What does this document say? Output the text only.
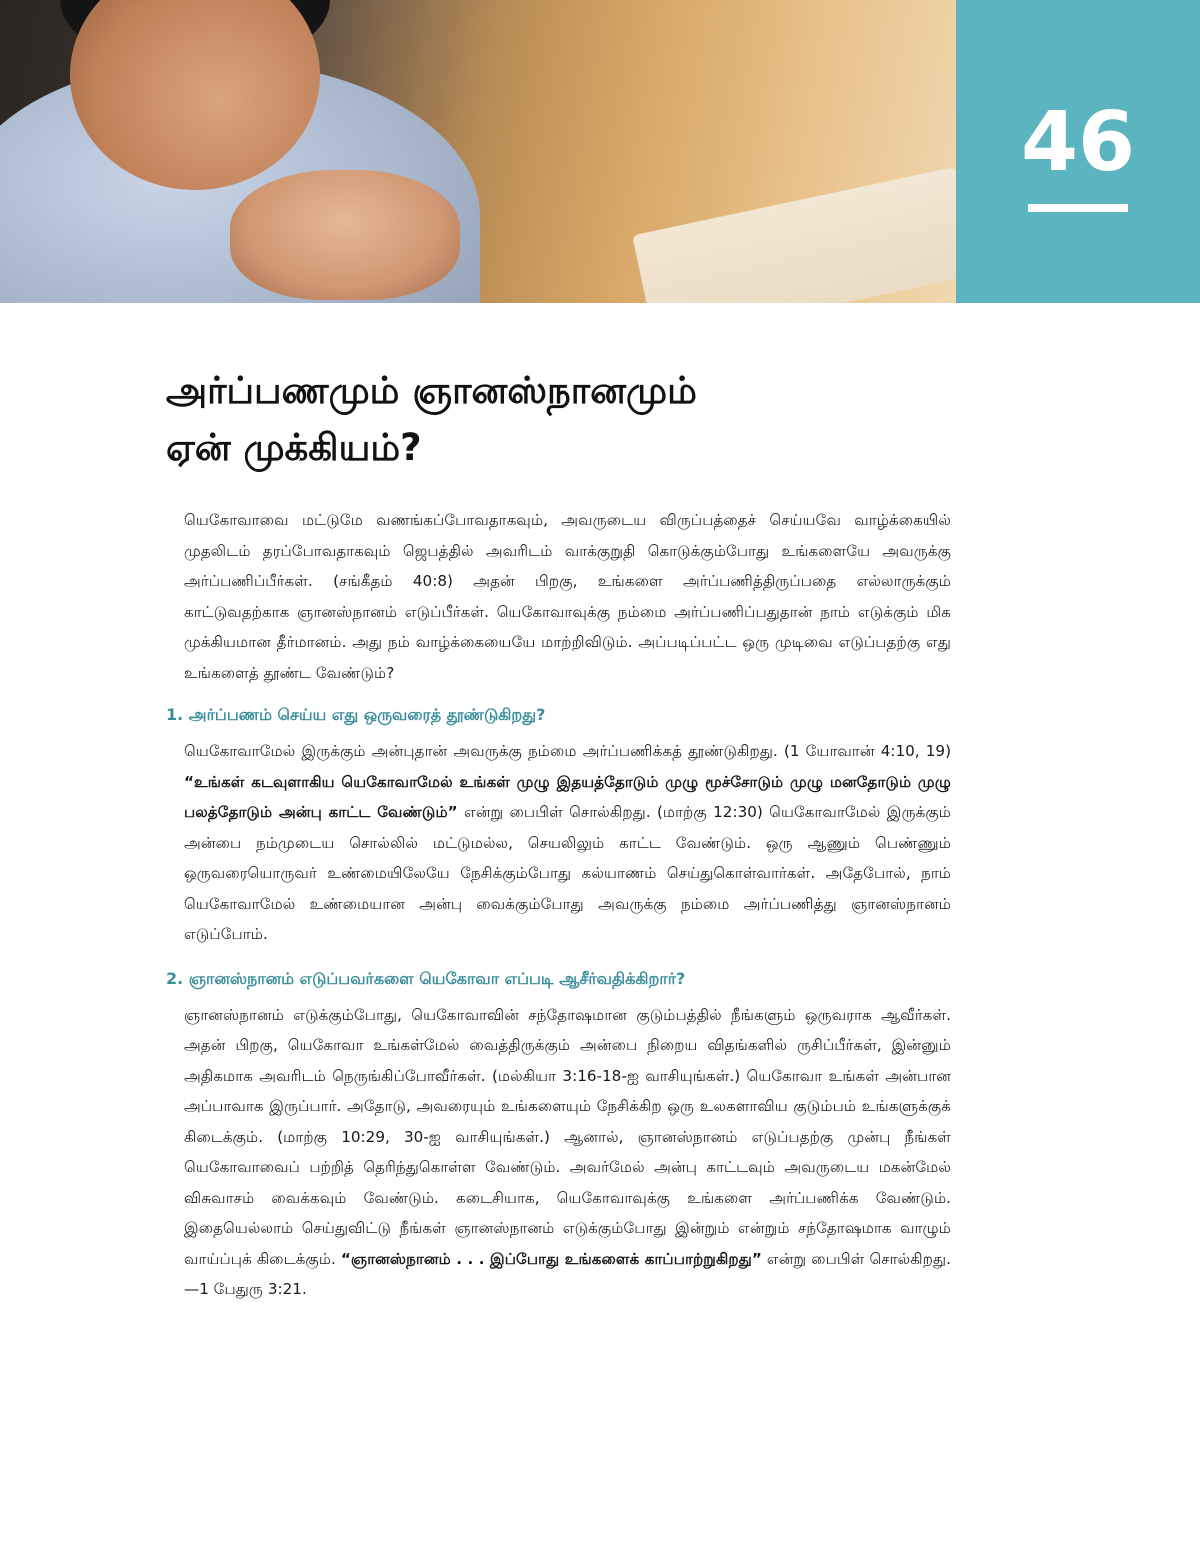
46
அர்ப்பணமும் ஞானஸ்நானமும்
ஏன் முக்கியம்?

யெகோவாவை மட்டுமே வணங்கப்போவதாகவும், அவருடைய விருப்பத்தைச் செய்யவே வாழ்க்கையில் முதலிடம் தரப்போவதாகவும் ஜெபத்தில் அவரிடம் வாக்குறுதி கொடுக்கும்போது உங்களையே அவருக்கு அர்ப்பணிப்பீர்கள். (சங்கீதம் 40:8) அதன் பிறகு, உங்களை அர்ப்பணித்திருப்பதை எல்லாருக்கும் காட்டுவதற்காக ஞானஸ்நானம் எடுப்பீர்கள். யெகோவாவுக்கு நம்மை அர்ப்பணிப்பதுதான் நாம் எடுக்கும் மிக முக்கியமான தீர்மானம். அது நம் வாழ்க்கையையே மாற்றிவிடும். அப்படிப்பட்ட ஒரு முடிவை எடுப்பதற்கு எது உங்களைத் தூண்ட வேண்டும்?

1. அர்ப்பணம் செய்ய எது ஒருவரைத் தூண்டுகிறது?

யெகோவாமேல் இருக்கும் அன்புதான் அவருக்கு நம்மை அர்ப்பணிக்கத் தூண்டுகிறது. (1 யோவான் 4:10, 19) “உங்கள் கடவுளாகிய யெகோவாமேல் உங்கள் முழு இதயத்தோடும் முழு மூச்சோடும் முழு மனதோடும் முழு பலத்தோடும் அன்பு காட்ட வேண்டும்” என்று பைபிள் சொல்கிறது. (மாற்கு 12:30) யெகோவாமேல் இருக்கும் அன்பை நம்முடைய சொல்லில் மட்டுமல்ல, செயலிலும் காட்ட வேண்டும். ஒரு ஆணும் பெண்ணும் ஒருவரையொருவர் உண்மையிலேயே நேசிக்கும்போது கல்யாணம் செய்துகொள்வார்கள். அதேபோல், நாம் யெகோவாமேல் உண்மையான அன்பு வைக்கும்போது அவருக்கு நம்மை அர்ப்பணித்து ஞானஸ்நானம் எடுப்போம்.

2. ஞானஸ்நானம் எடுப்பவர்களை யெகோவா எப்படி ஆசீர்வதிக்கிறார்?

ஞானஸ்நானம் எடுக்கும்போது, யெகோவாவின் சந்தோஷமான குடும்பத்தில் நீங்களும் ஒருவராக ஆவீர்கள். அதன் பிறகு, யெகோவா உங்கள்மேல் வைத்திருக்கும் அன்பை நிறைய விதங்களில் ருசிப்பீர்கள், இன்னும் அதிகமாக அவரிடம் நெருங்கிப்போவீர்கள். (மல்கியா 3:16-18-ஐ வாசியுங்கள்.) யெகோவா உங்கள் அன்பான அப்பாவாக இருப்பார். அதோடு, அவரையும் உங்களையும் நேசிக்கிற ஒரு உலகளாவிய குடும்பம் உங்களுக்குக் கிடைக்கும். (மாற்கு 10:29, 30-ஐ வாசியுங்கள்.) ஆனால், ஞானஸ்நானம் எடுப்பதற்கு முன்பு நீங்கள் யெகோவாவைப் பற்றித் தெரிந்துகொள்ள வேண்டும். அவர்மேல் அன்பு காட்டவும் அவருடைய மகன்மேல் விசுவாசம் வைக்கவும் வேண்டும். கடைசியாக, யெகோவாவுக்கு உங்களை அர்ப்பணிக்க வேண்டும். இதையெல்லாம் செய்துவிட்டு நீங்கள் ஞானஸ்நானம் எடுக்கும்போது இன்றும் என்றும் சந்தோஷமாக வாழும் வாய்ப்புக் கிடைக்கும். “ஞானஸ்நானம் . . . இப்போது உங்களைக் காப்பாற்றுகிறது” என்று பைபிள் சொல்கிறது.—1 பேதுரு 3:21.
